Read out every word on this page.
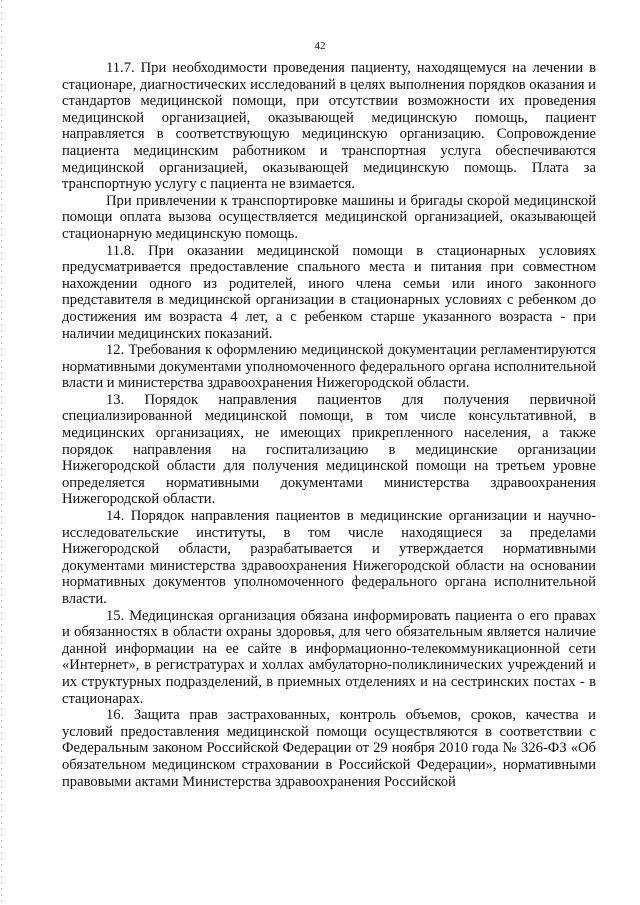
42

11.7. При необходимости проведения пациенту, находящемуся на лечении в стационаре, диагностических исследований в целях выполнения порядков оказания и стандартов медицинской помощи, при отсутствии возможности их проведения медицинской организацией, оказывающей медицинскую помощь, пациент направляется в соответствующую медицинскую организацию. Сопровождение пациента медицинским работником и транспортная услуга обеспечиваются медицинской организацией, оказывающей медицинскую помощь. Плата за транспортную услугу с пациента не взимается.

При привлечении к транспортировке машины и бригады скорой медицинской помощи оплата вызова осуществляется медицинской организацией, оказывающей стационарную медицинскую помощь.

11.8. При оказании медицинской помощи в стационарных условиях предусматривается предоставление спального места и питания при совместном нахождении одного из родителей, иного члена семьи или иного законного представителя в медицинской организации в стационарных условиях с ребенком до достижения им возраста 4 лет, а с ребенком старше указанного возраста - при наличии медицинских показаний.

12. Требования к оформлению медицинской документации регламентируются нормативными документами уполномоченного федерального органа исполнительной власти и министерства здравоохранения Нижегородской области.

13. Порядок направления пациентов для получения первичной специализированной медицинской помощи, в том числе консультативной, в медицинских организациях, не имеющих прикрепленного населения, а также порядок направления на госпитализацию в медицинские организации Нижегородской области для получения медицинской помощи на третьем уровне определяется нормативными документами министерства здравоохранения Нижегородской области.

14. Порядок направления пациентов в медицинские организации и научно-исследовательские институты, в том числе находящиеся за пределами Нижегородской области, разрабатывается и утверждается нормативными документами министерства здравоохранения Нижегородской области на основании нормативных документов уполномоченного федерального органа исполнительной власти.

15. Медицинская организация обязана информировать пациента о его правах и обязанностях в области охраны здоровья, для чего обязательным является наличие данной информации на ее сайте в информационно-телекоммуникационной сети «Интернет», в регистратурах и холлах амбулаторно-поликлинических учреждений и их структурных подразделений, в приемных отделениях и на сестринских постах - в стационарах.

16. Защита прав застрахованных, контроль объемов, сроков, качества и условий предоставления медицинской помощи осуществляются в соответствии с Федеральным законом Российской Федерации от 29 ноября 2010 года № 326-ФЗ «Об обязательном медицинском страховании в Российской Федерации», нормативными правовыми актами Министерства здравоохранения Российской
